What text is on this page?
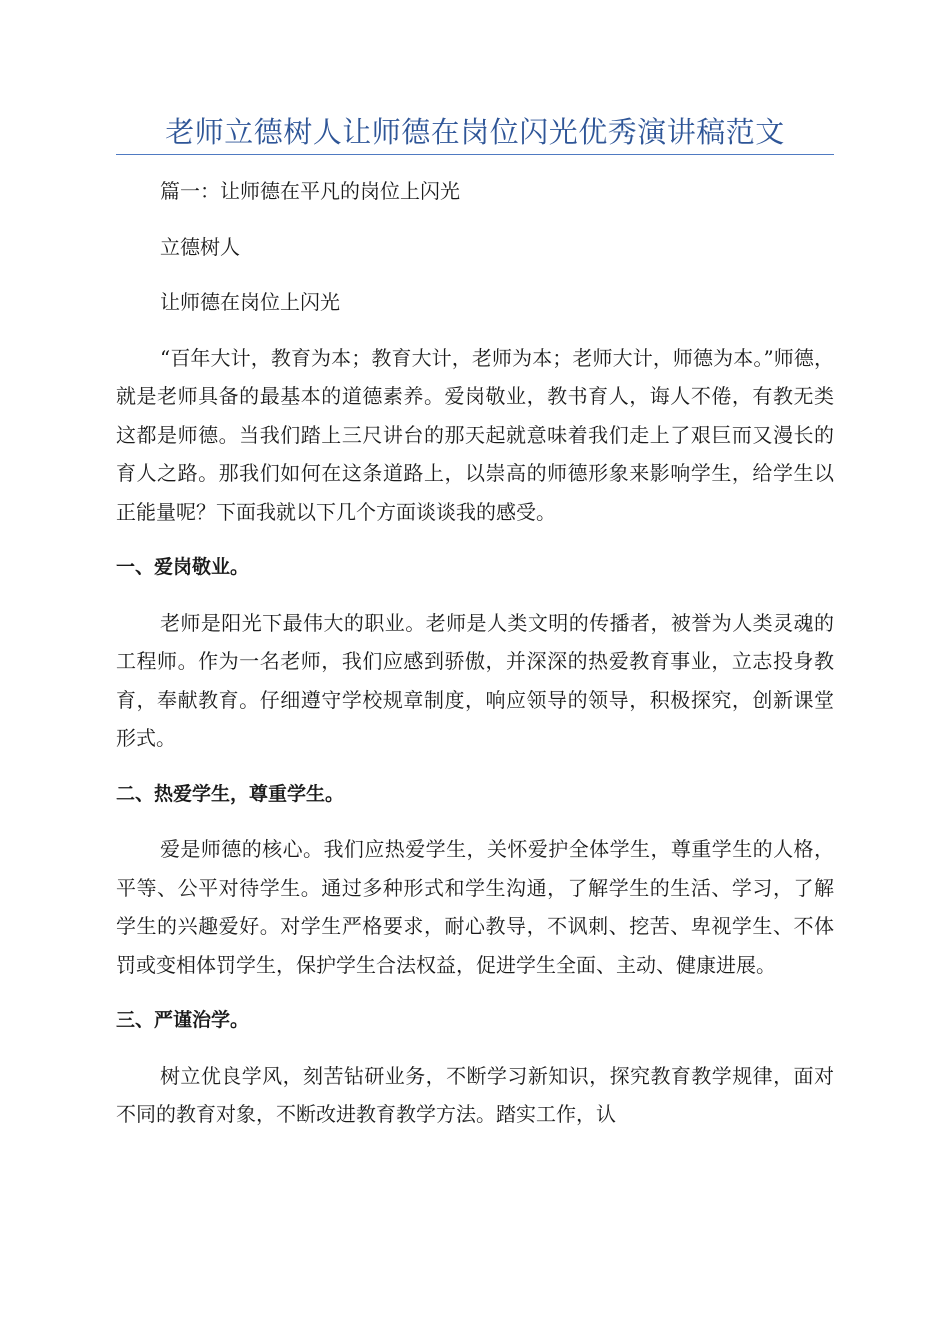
老师立德树人让师德在岗位闪光优秀演讲稿范文

篇一：让师德在平凡的岗位上闪光

立德树人

让师德在岗位上闪光

“百年大计，教育为本；教育大计，老师为本；老师大计，师德为本。”师德，就是老师具备的最基本的道德素养。爱岗敬业，教书育人，诲人不倦，有教无类这都是师德。当我们踏上三尺讲台的那天起就意味着我们走上了艰巨而又漫长的育人之路。那我们如何在这条道路上，以崇高的师德形象来影响学生，给学生以正能量呢？下面我就以下几个方面谈谈我的感受。

一、爱岗敬业。

老师是阳光下最伟大的职业。老师是人类文明的传播者，被誉为人类灵魂的工程师。作为一名老师，我们应感到骄傲，并深深的热爱教育事业，立志投身教育，奉献教育。仔细遵守学校规章制度，响应领导的领导，积极探究，创新课堂形式。

二、热爱学生，尊重学生。

爱是师德的核心。我们应热爱学生，关怀爱护全体学生，尊重学生的人格，平等、公平对待学生。通过多种形式和学生沟通，了解学生的生活、学习，了解学生的兴趣爱好。对学生严格要求，耐心教导，不讽刺、挖苦、卑视学生、不体罚或变相体罚学生，保护学生合法权益，促进学生全面、主动、健康进展。

三、严谨治学。

树立优良学风，刻苦钻研业务，不断学习新知识，探究教育教学规律，面对不同的教育对象，不断改进教育教学方法。踏实工作，认
